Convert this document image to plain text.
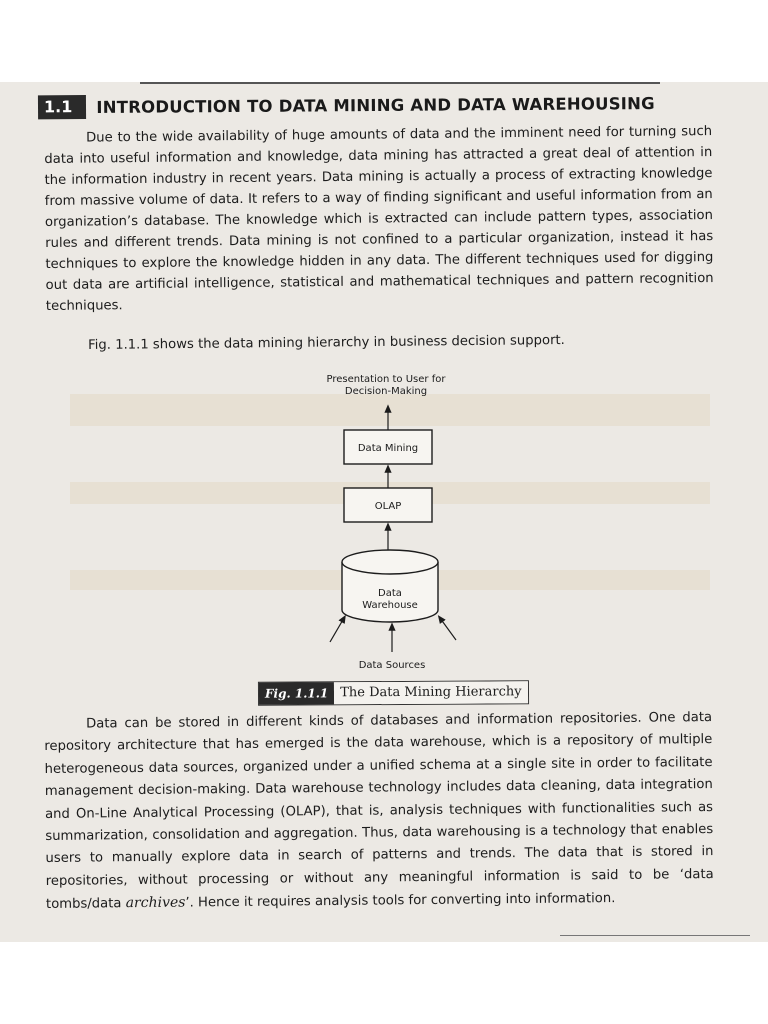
1.1	INTRODUCTION TO DATA MINING AND DATA WAREHOUSING
Due to the wide availability of huge amounts of data and the imminent need for turning such data into useful information and knowledge, data mining has attracted a great deal of attention in the information industry in recent years. Data mining is actually a process of extracting knowledge from massive volume of data. It refers to a way of finding significant and useful information from an organization’s database. The knowledge which is extracted can include pattern types, association rules and different trends. Data mining is not confined to a particular organization, instead it has techniques to explore the knowledge hidden in any data. The different techniques used for digging out data are artificial intelligence, statistical and mathematical techniques and pattern recognition techniques.
Fig. 1.1.1 shows the data mining hierarchy in business decision support.
Presentation to User for
Decision-Making
Data Mining
OLAP
Data
Warehouse
Data Sources
Fig. 1.1.1 The Data Mining Hierarchy
Data can be stored in different kinds of databases and information repositories. One data repository architecture that has emerged is the data warehouse, which is a repository of multiple heterogeneous data sources, organized under a unified schema at a single site in order to facilitate management decision-making. Data warehouse technology includes data cleaning, data integration and On-Line Analytical Processing (OLAP), that is, analysis techniques with functionalities such as summarization, consolidation and aggregation. Thus, data warehousing is a technology that enables users to manually explore data in search of patterns and trends. The data that is stored in repositories, without processing or without any meaningful information is said to be ‘data tombs/data archives’. Hence it requires analysis tools for converting into information.
